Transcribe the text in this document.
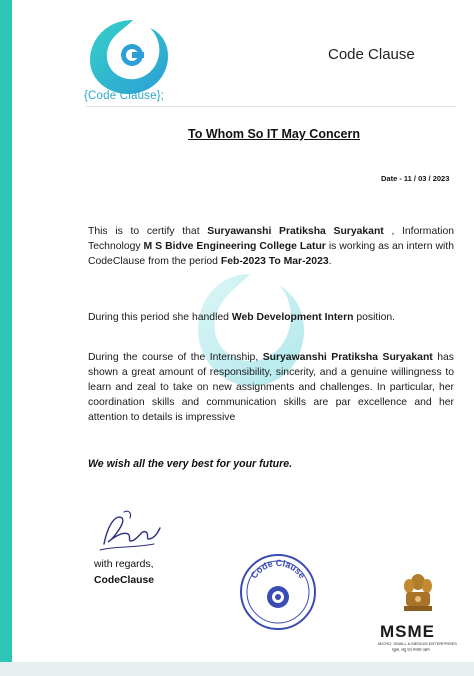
{Code Clause};
Code Clause
To Whom So IT May Concern
Date - 11 / 03 / 2023
This is to certify that Suryawanshi Pratiksha Suryakant , Information Technology M S Bidve Engineering College Latur is working as an intern with CodeClause from the period Feb-2023 To Mar-2023.
During this period she handled Web Development Intern position.
During the course of the Internship, Suryawanshi Pratiksha Suryakant has shown a great amount of responsibility, sincerity, and a genuine willingness to learn and zeal to take on new assignments and challenges. In particular, her coordination skills and communication skills are par excellence and her attention to details is impressive
We wish all the very best for your future.
with regards,
CodeClause
Code Clause
MSME
MICRO, SMALL & MEDIUM ENTERPRISES
सूक्ष्म, लघु एवं मध्यम उद्यम
